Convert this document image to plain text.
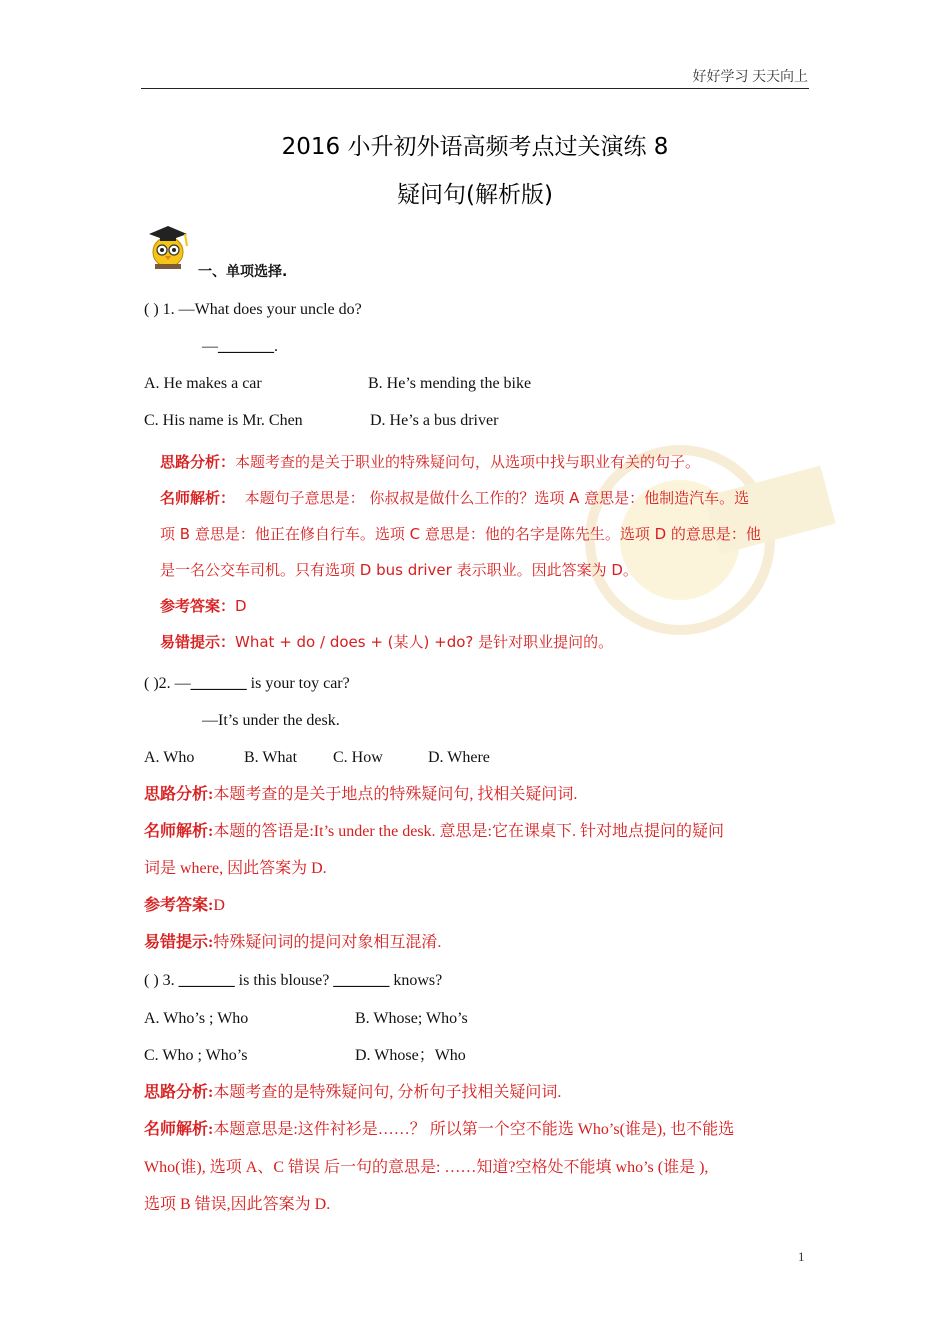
好好学习 天天向上
2016 小升初外语高频考点过关演练 8
疑问句(解析版)
一、单项选择.
( ) 1. —What does your uncle do?
—_______.
A. He makes a car	B. He’s mending the bike
C. His name is Mr. Chen	D. He’s a bus driver
思路分析：本题考查的是关于职业的特殊疑问句，从选项中找与职业有关的句子。
名师解析： 本题句子意思是： 你叔叔是做什么工作的？选项 A 意思是：他制造汽车。选
项 B 意思是：他正在修自行车。选项 C 意思是：他的名字是陈先生。选项 D 的意思是：他
是一名公交车司机。只有选项 D bus driver 表示职业。因此答案为 D。
参考答案：D
易错提示：What + do / does + (某人) +do? 是针对职业提问的。
( )2. —_______ is your toy car?
—It’s under the desk.
A. Who	B. What C. How	D. Where
思路分析:本题考查的是关于地点的特殊疑问句, 找相关疑问词.
名师解析:本题的答语是:It’s under the desk. 意思是:它在课桌下. 针对地点提问的疑问
词是 where, 因此答案为 D.
参考答案:D
易错提示:特殊疑问词的提问对象相互混淆.
( ) 3. _______ is this blouse? _______ knows?
A. Who’s ; Who	B. Whose; Who’s
C. Who ; Who’s	D. Whose；Who
思路分析:本题考查的是特殊疑问句, 分析句子找相关疑问词.
名师解析:本题意思是:这件衬衫是……？ 所以第一个空不能选 Who’s(谁是), 也不能选
Who(谁), 选项 A、C 错误 后一句的意思是: ……知道?空格处不能填 who’s (谁是 ),
选项 B 错误,因此答案为 D.
1
